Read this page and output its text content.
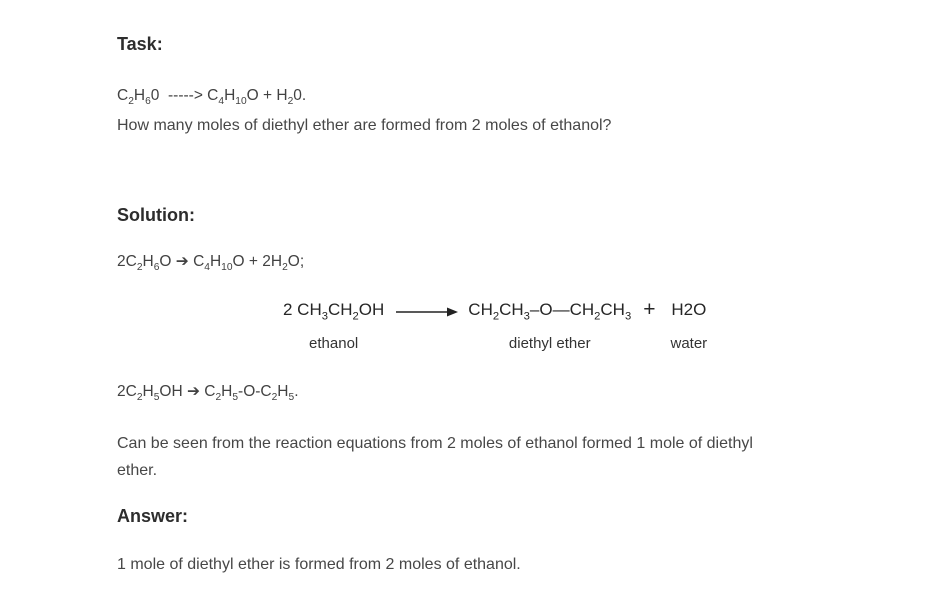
Task:
$C_2H_60$  -----> $C_4H_{10}O + H_20$.
How many moles of diethyl ether are formed from 2 moles of ethanol?
Solution:
$2C_2H_6O$ ➔ $C_4H_{10}O + 2H_2O$;
2 $CH_3CH_2OH$
ethanol
→ $CH_2CH_3-O—CH_2CH_3$
diethyl ether
+ H2O
water
$2C_2H_5OH$ ➔ $C_2H_5-O-C_2H_5$.
Can be seen from the reaction equations from 2 moles of ethanol formed 1 mole of diethyl
ether.
Answer:
1 mole of diethyl ether is formed from 2 moles of ethanol.
